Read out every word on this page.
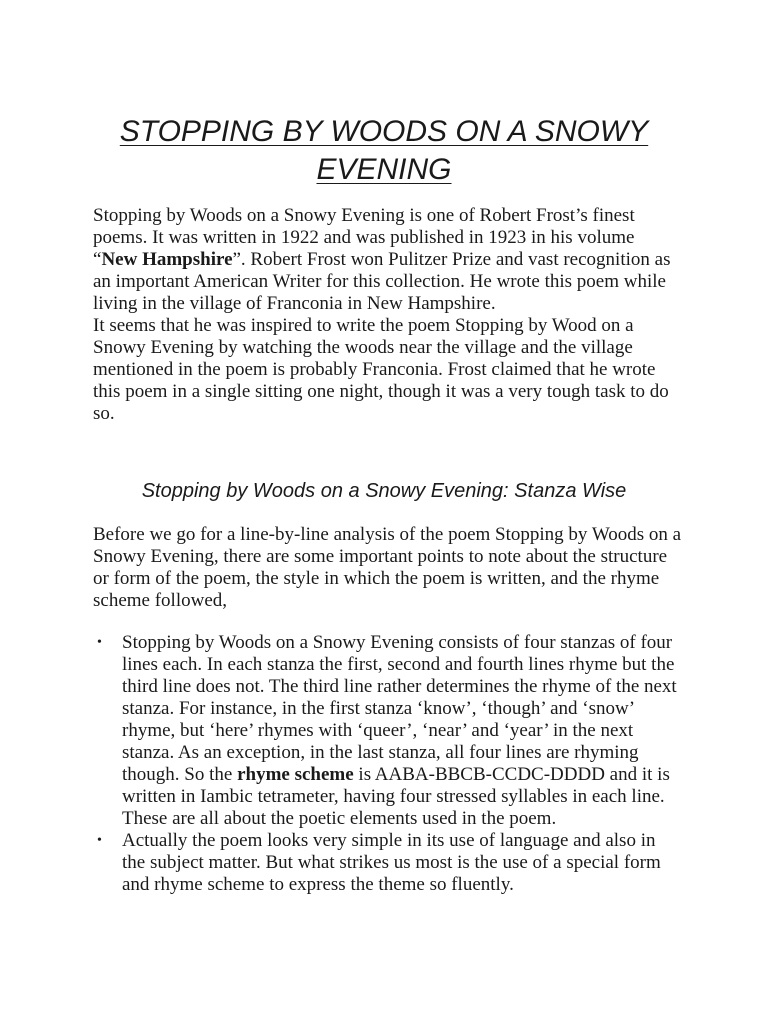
STOPPING BY WOODS ON A SNOWY
EVENING
Stopping by Woods on a Snowy Evening is one of Robert Frost’s finest poems. It was written in 1922 and was published in 1923 in his volume “New Hampshire”. Robert Frost won Pulitzer Prize and vast recognition as an important American Writer for this collection. He wrote this poem while living in the village of Franconia in New Hampshire.
It seems that he was inspired to write the poem Stopping by Wood on a Snowy Evening by watching the woods near the village and the village mentioned in the poem is probably Franconia. Frost claimed that he wrote this poem in a single sitting one night, though it was a very tough task to do so.
Stopping by Woods on a Snowy Evening: Stanza Wise

Before we go for a line-by-line analysis of the poem Stopping by Woods on a Snowy Evening, there are some important points to note about the structure or form of the poem, the style in which the poem is written, and the rhyme scheme followed,

• Stopping by Woods on a Snowy Evening consists of four stanzas of four lines each. In each stanza the first, second and fourth lines rhyme but the third line does not. The third line rather determines the rhyme of the next stanza. For instance, in the first stanza ‘know’, ‘though’ and ‘snow’ rhyme, but ‘here’ rhymes with ‘queer’, ‘near’ and ‘year’ in the next stanza. As an exception, in the last stanza, all four lines are rhyming though. So the rhyme scheme is AABA-BBCB-CCDC-DDDD and it is written in Iambic tetrameter, having four stressed syllables in each line. These are all about the poetic elements used in the poem.
• Actually the poem looks very simple in its use of language and also in the subject matter. But what strikes us most is the use of a special form and rhyme scheme to express the theme so fluently.
